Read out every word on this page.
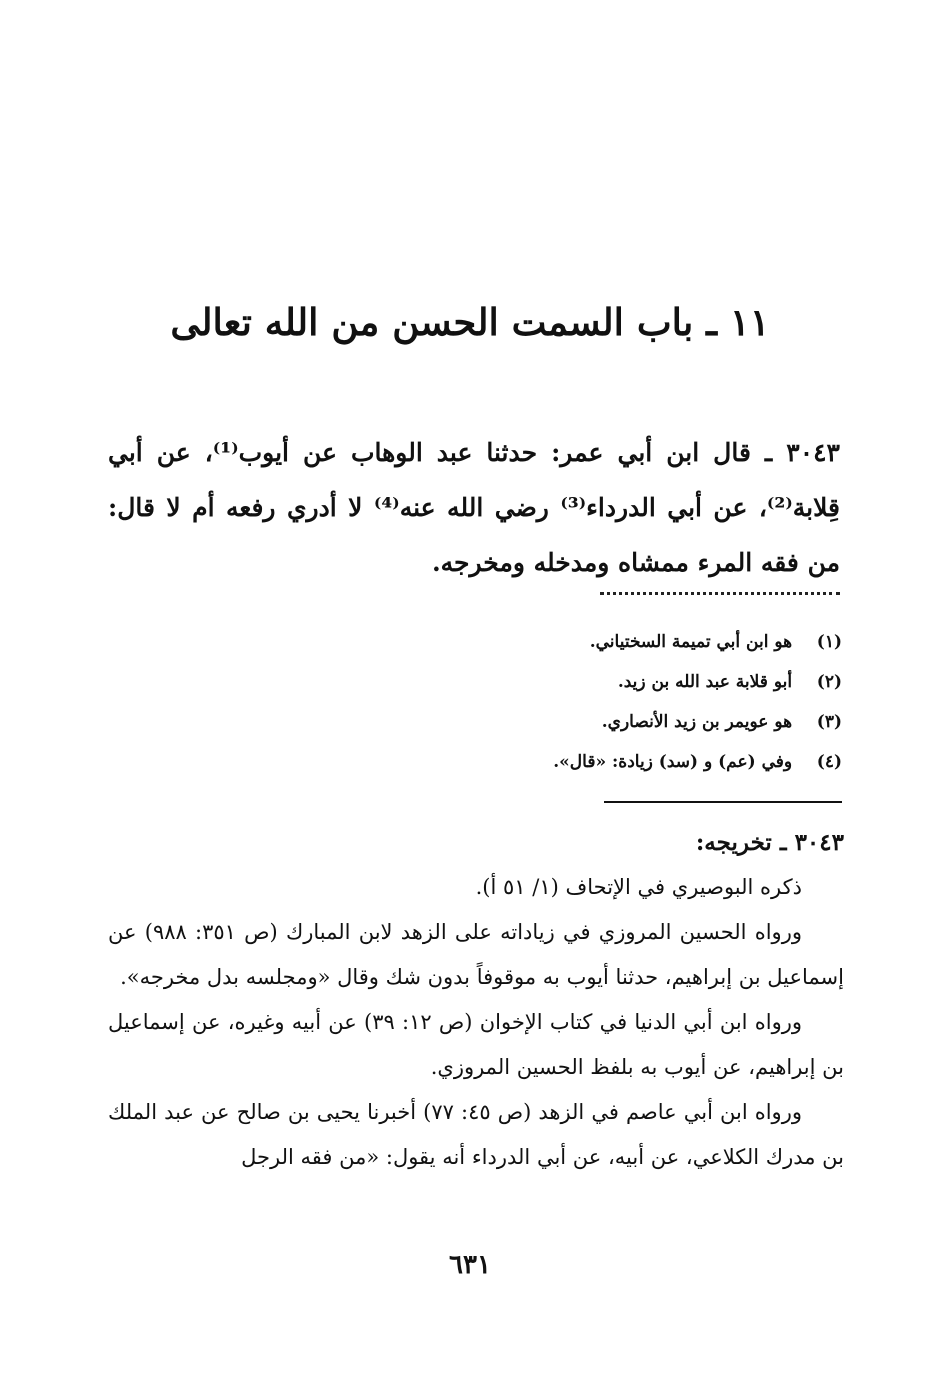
١١ ـ باب السمت الحسن من الله تعالى

٣٠٤٣ ـ قال ابن أبي عمر: حدثنا عبد الوهاب عن أيوب⁽¹⁾، عن أبي قِلابة⁽²⁾، عن أبي الدرداء⁽³⁾ رضي الله عنه⁽⁴⁾ لا أدري رفعه أم لا قال: من فقه المرء ممشاه ومدخله ومخرجه.

(١) هو ابن أبي تميمة السختياني.
(٢) أبو قلابة عبد الله بن زيد.
(٣) هو عويمر بن زيد الأنصاري.
(٤) وفي (عم) و (سد) زيادة: «قال».

٣٠٤٣ ـ تخريجه:

ذكره البوصيري في الإتحاف (١/ ٥١ أ).

ورواه الحسين المروزي في زياداته على الزهد لابن المبارك (ص ٣٥١: ٩٨٨) عن إسماعيل بن إبراهيم، حدثنا أيوب به موقوفاً بدون شك وقال «ومجلسه بدل مخرجه».

ورواه ابن أبي الدنيا في كتاب الإخوان (ص ١٢: ٣٩) عن أبيه وغيره، عن إسماعيل بن إبراهيم، عن أيوب به بلفظ الحسين المروزي.

ورواه ابن أبي عاصم في الزهد (ص ٤٥: ٧٧) أخبرنا يحيى بن صالح عن عبد الملك بن مدرك الكلاعي، عن أبيه، عن أبي الدرداء أنه يقول: «من فقه الرجل

٦٣١
